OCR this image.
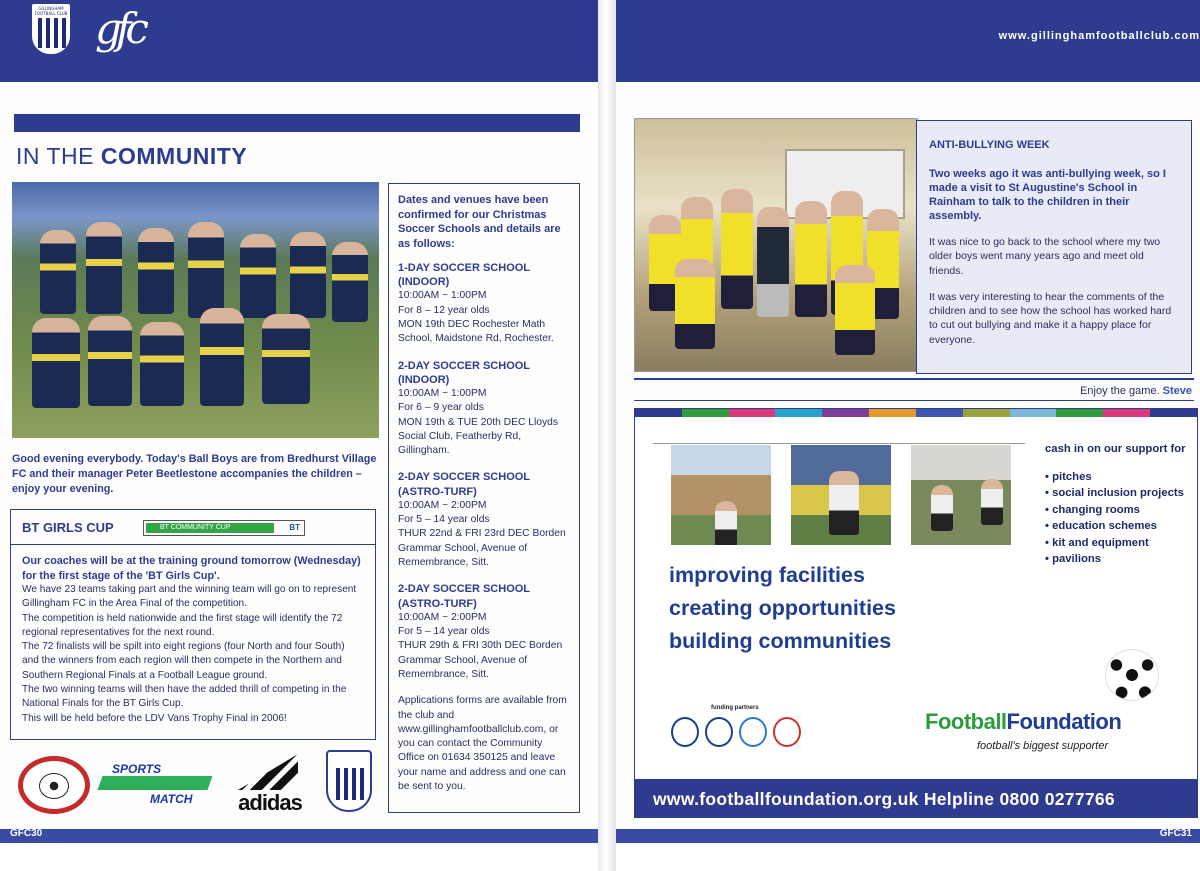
GILLINGHAM FOOTBALL CLUB gfc
IN THE COMMUNITY
Good evening everybody. Today's Ball Boys are from Bredhurst Village FC and their manager Peter Beetlestone accompanies the children – enjoy your evening.
BT GIRLS CUP	BT COMMUNITY CUP	BT
Our coaches will be at the training ground tomorrow (Wednesday) for the first stage of the 'BT Girls Cup'.
We have 23 teams taking part and the winning team will go on to represent Gillingham FC in the Area Final of the competition.
The competition is held nationwide and the first stage will identify the 72 regional representatives for the next round.
The 72 finalists will be spilt into eight regions (four North and four South) and the winners from each region will then compete in the Northern and Southern Regional Finals at a Football League ground.
The two winning teams will then have the added thrill of competing in the National Finals for the BT Girls Cup.
This will be held before the LDV Vans Trophy Final in 2006!
SPORTS
MATCH	adidas
Dates and venues have been confirmed for our Christmas Soccer Schools and details are as follows:
1-DAY SOCCER SCHOOL (INDOOR)
10:00AM ~ 1:00PM
For 8 – 12 year olds
MON 19th DEC Rochester Math School, Maidstone Rd, Rochester.
2-DAY SOCCER SCHOOL (INDOOR)
10:00AM ~ 1:00PM
For 6 – 9 year olds
MON 19th & TUE 20th DEC Lloyds Social Club, Featherby Rd, Gillingham.
2-DAY SOCCER SCHOOL (ASTRO-TURF)
10:00AM ~ 2:00PM
For 5 – 14 year olds
THUR 22nd & FRI 23rd DEC Borden Grammar School, Avenue of Remembrance, Sitt.
2-DAY SOCCER SCHOOL (ASTRO-TURF)
10:00AM ~ 2:00PM
For 5 – 14 year olds
THUR 29th & FRI 30th DEC Borden Grammar School, Avenue of Remembrance, Sitt.
Applications forms are available from the club and www.gillinghamfootballclub.com, or you can contact the Community Office on 01634 350125 and leave your name and address and one can be sent to you.
GFC30
www.gillinghamfootballclub.com
ANTI-BULLYING WEEK
Two weeks ago it was anti-bullying week, so I made a visit to St Augustine's School in Rainham to talk to the children in their assembly.

It was nice to go back to the school where my two older boys went many years ago and meet old friends.

It was very interesting to hear the comments of the children and to see how the school has worked hard to cut out bullying and make it a happy place for everyone.

Enjoy the game. Steve
cash in on our support for
• pitches
• social inclusion projects
• changing rooms
• education schemes
• kit and equipment
• pavilions
improving facilities
creating opportunities
building communities
funding partners
FootballFoundation
football's biggest supporter
www.footballfoundation.org.uk Helpline 0800 0277766
GFC31
